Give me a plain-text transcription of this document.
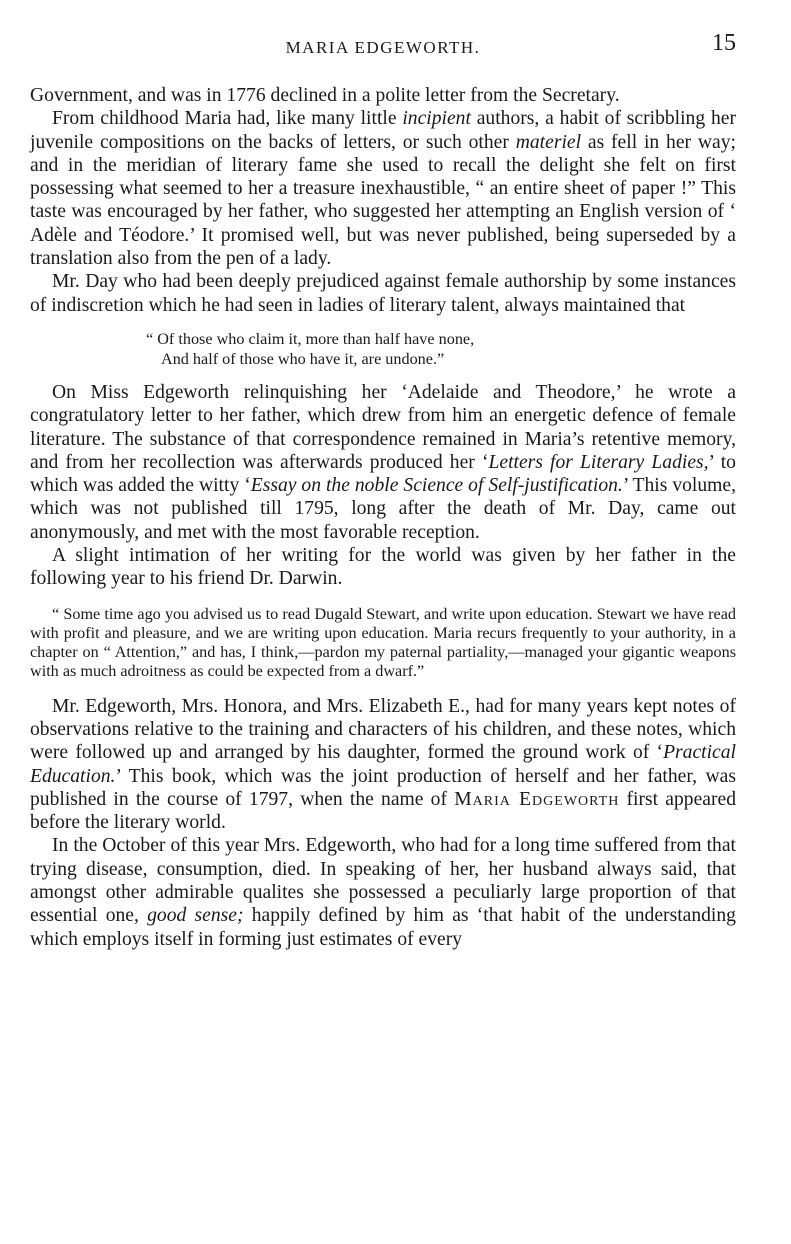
MARIA EDGEWORTH.	15

Government, and was in 1776 declined in a polite letter from the Secretary.

From childhood Maria had, like many little incipient authors, a habit of scribbling her juvenile compositions on the backs of letters, or such other materiel as fell in her way; and in the meridian of literary fame she used to recall the delight she felt on first possessing what seemed to her a treasure inexhaustible, “ an entire sheet of paper !” This taste was encouraged by her father, who suggested her attempting an English version of ‘ Adèle and Téodore.’ It promised well, but was never published, being superseded by a translation also from the pen of a lady.

Mr. Day who had been deeply prejudiced against female authorship by some instances of indiscretion which he had seen in ladies of literary talent, always maintained that

“ Of those who claim it, more than half have none,
And half of those who have it, are undone.”

On Miss Edgeworth relinquishing her ‘Adelaide and Theodore,’ he wrote a congratulatory letter to her father, which drew from him an energetic defence of female literature. The substance of that correspondence remained in Maria’s retentive memory, and from her recollection was afterwards produced her ‘Letters for Literary Ladies,’ to which was added the witty ‘Essay on the noble Science of Self-justification.’ This volume, which was not published till 1795, long after the death of Mr. Day, came out anonymously, and met with the most favorable reception.

A slight intimation of her writing for the world was given by her father in the following year to his friend Dr. Darwin.

“ Some time ago you advised us to read Dugald Stewart, and write upon education. Stewart we have read with profit and pleasure, and we are writing upon education. Maria recurs frequently to your authority, in a chapter on “ Attention,” and has, I think,—pardon my paternal partiality,—managed your gigantic weapons with as much adroitness as could be expected from a dwarf.”

Mr. Edgeworth, Mrs. Honora, and Mrs. Elizabeth E., had for many years kept notes of observations relative to the training and characters of his children, and these notes, which were followed up and arranged by his daughter, formed the ground work of ‘Practical Education.’ This book, which was the joint production of herself and her father, was published in the course of 1797, when the name of Maria Edgeworth first appeared before the literary world.

In the October of this year Mrs. Edgeworth, who had for a long time suffered from that trying disease, consumption, died. In speaking of her, her husband always said, that amongst other admirable qualites she possessed a peculiarly large proportion of that essential one, good sense; happily defined by him as ‘that habit of the understanding which employs itself in forming just estimates of every
